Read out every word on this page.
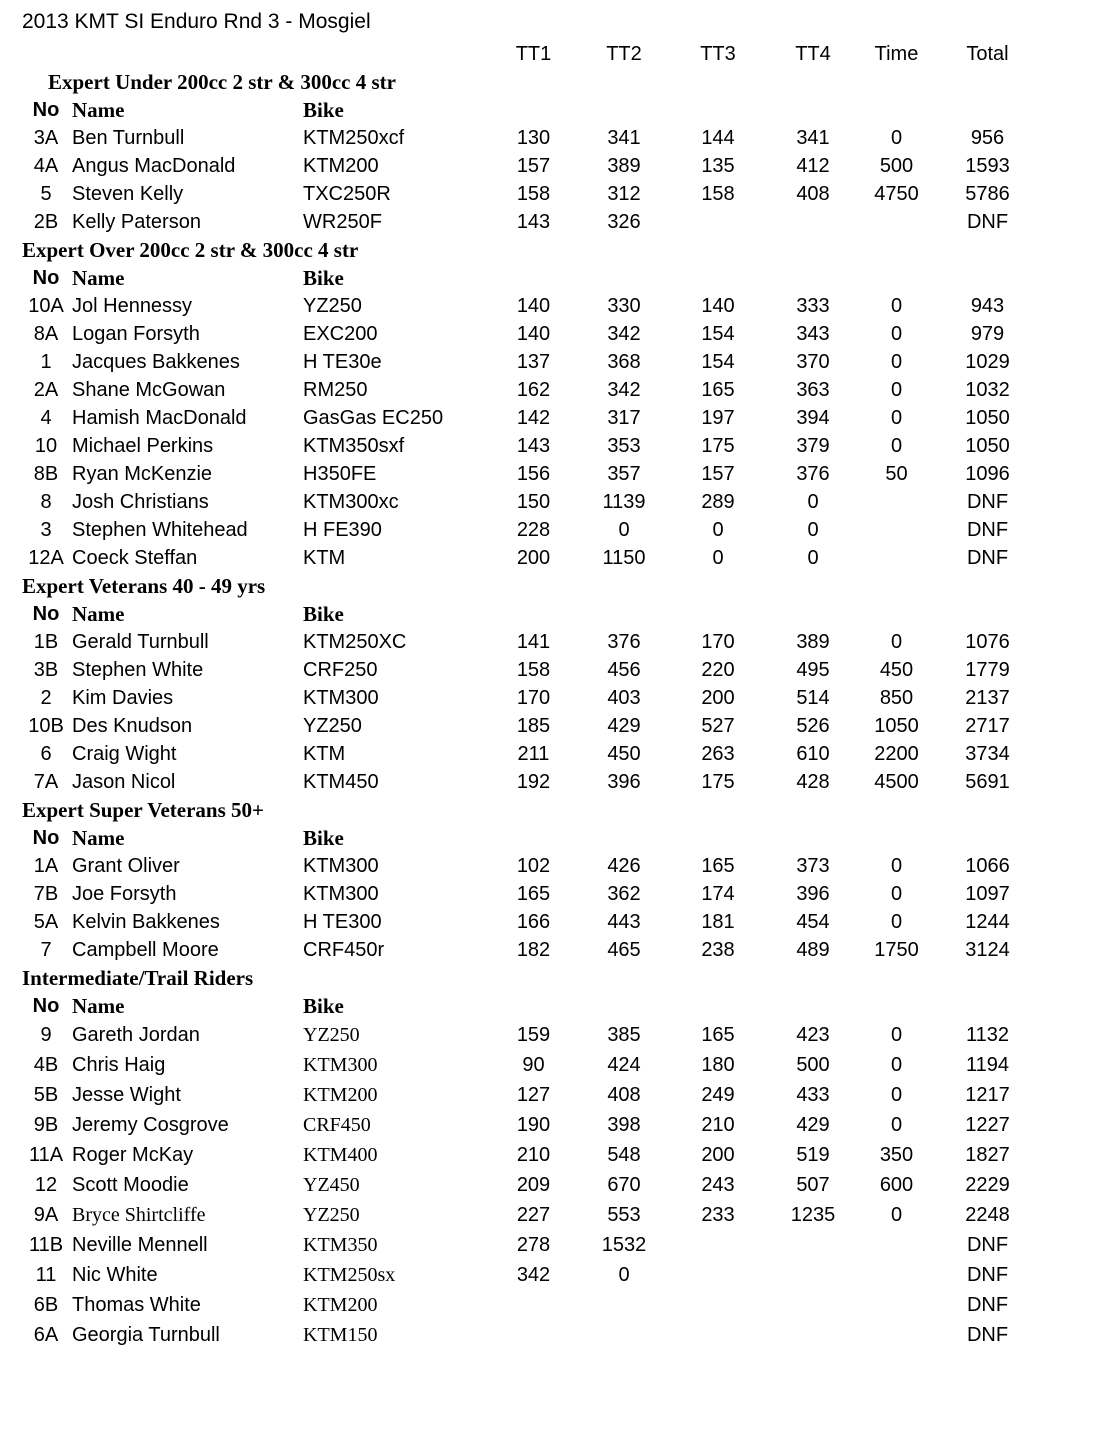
2013 KMT SI Enduro Rnd 3 - Mosgiel
			TT1	TT2	TT3	TT4	Time	Total
Expert Under 200cc 2 str & 300cc 4 str								
No	Name	Bike						
3A	Ben Turnbull	KTM250xcf	130	341	144	341	0	956
4A	Angus MacDonald	KTM200	157	389	135	412	500	1593
5	Steven Kelly	TXC250R	158	312	158	408	4750	5786
2B	Kelly Paterson	WR250F	143	326				DNF
Expert Over 200cc 2 str & 300cc 4 str								
No	Name	Bike						
10A	Jol Hennessy	YZ250	140	330	140	333	0	943
8A	Logan Forsyth	EXC200	140	342	154	343	0	979
1	Jacques Bakkenes	H TE30e	137	368	154	370	0	1029
2A	Shane McGowan	RM250	162	342	165	363	0	1032
4	Hamish MacDonald	GasGas EC250	142	317	197	394	0	1050
10	Michael Perkins	KTM350sxf	143	353	175	379	0	1050
8B	Ryan McKenzie	H350FE	156	357	157	376	50	1096
8	Josh Christians	KTM300xc	150	1139	289	0		DNF
3	Stephen Whitehead	H FE390	228	0	0	0		DNF
12A	Coeck Steffan	KTM	200	1150	0	0		DNF
Expert Veterans 40 - 49 yrs								
No	Name	Bike						
1B	Gerald Turnbull	KTM250XC	141	376	170	389	0	1076
3B	Stephen White	CRF250	158	456	220	495	450	1779
2	Kim Davies	KTM300	170	403	200	514	850	2137
10B	Des Knudson	YZ250	185	429	527	526	1050	2717
6	Craig Wight	KTM	211	450	263	610	2200	3734
7A	Jason Nicol	KTM450	192	396	175	428	4500	5691
Expert Super Veterans 50+								
No	Name	Bike						
1A	Grant Oliver	KTM300	102	426	165	373	0	1066
7B	Joe Forsyth	KTM300	165	362	174	396	0	1097
5A	Kelvin Bakkenes	H TE300	166	443	181	454	0	1244
7	Campbell Moore	CRF450r	182	465	238	489	1750	3124
Intermediate/Trail Riders								
No	Name	Bike						
9	Gareth Jordan	YZ250	159	385	165	423	0	1132
4B	Chris Haig	KTM300	90	424	180	500	0	1194
5B	Jesse Wight	KTM200	127	408	249	433	0	1217
9B	Jeremy Cosgrove	CRF450	190	398	210	429	0	1227
11A	Roger McKay	KTM400	210	548	200	519	350	1827
12	Scott Moodie	YZ450	209	670	243	507	600	2229
9A	Bryce Shirtcliffe	YZ250	227	553	233	1235	0	2248
11B	Neville Mennell	KTM350	278	1532				DNF
11	Nic White	KTM250sx	342	0				DNF
6B	Thomas White	KTM200						DNF
6A	Georgia Turnbull	KTM150						DNF
